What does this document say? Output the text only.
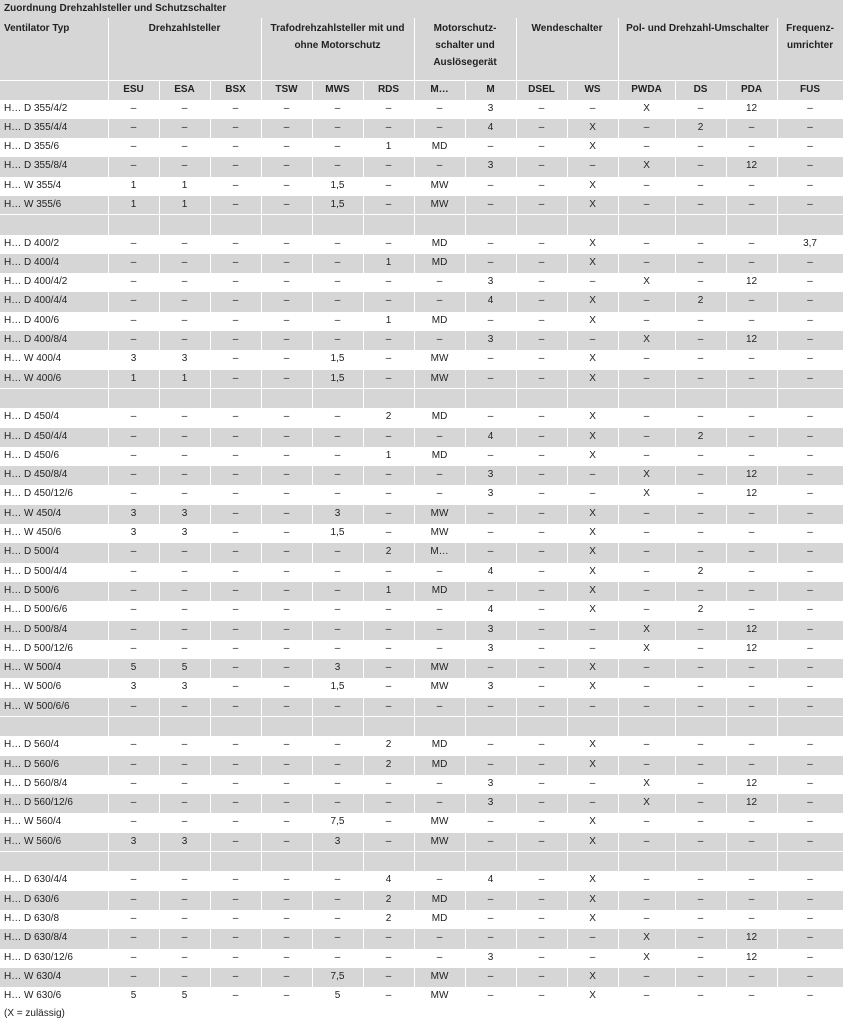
Zuordnung Drehzahlsteller und Schutzschalter
Ventilator Typ	Drehzahlsteller			Trafodrehzahlsteller mit und ohne Motorschutz			Motorschutz-schalter und Auslösegerät		Wendeschalter		Pol- und Drehzahl-Umschalter			Frequenz-umrichter
	ESU	ESA	BSX	TSW	MWS	RDS	M…	M	DSEL	WS	PWDA	DS	PDA	FUS
H… D 355/4/2	–	–	–	–	–	–	–	3	–	–	X	–	12	–
H… D 355/4/4	–	–	–	–	–	–	–	4	–	X	–	2	–	–
H… D 355/6	–	–	–	–	–	1	MD	–	–	X	–	–	–	–
H… D 355/8/4	–	–	–	–	–	–	–	3	–	–	X	–	12	–
H… W 355/4	1	1	–	–	1,5	–	MW	–	–	X	–	–	–	–
H… W 355/6	1	1	–	–	1,5	–	MW	–	–	X	–	–	–	–

H… D 400/2	–	–	–	–	–	–	MD	–	–	X	–	–	–	3,7
H… D 400/4	–	–	–	–	–	1	MD	–	–	X	–	–	–	–
H… D 400/4/2	–	–	–	–	–	–	–	3	–	–	X	–	12	–
H… D 400/4/4	–	–	–	–	–	–	–	4	–	X	–	2	–	–
H… D 400/6	–	–	–	–	–	1	MD	–	–	X	–	–	–	–
H… D 400/8/4	–	–	–	–	–	–	–	3	–	–	X	–	12	–
H… W 400/4	3	3	–	–	1,5	–	MW	–	–	X	–	–	–	–
H… W 400/6	1	1	–	–	1,5	–	MW	–	–	X	–	–	–	–

H… D 450/4	–	–	–	–	–	2	MD	–	–	X	–	–	–	–
H… D 450/4/4	–	–	–	–	–	–	–	4	–	X	–	2	–	–
H… D 450/6	–	–	–	–	–	1	MD	–	–	X	–	–	–	–
H… D 450/8/4	–	–	–	–	–	–	–	3	–	–	X	–	12	–
H… D 450/12/6	–	–	–	–	–	–	–	3	–	–	X	–	12	–
H… W 450/4	3	3	–	–	3	–	MW	–	–	X	–	–	–	–
H… W 450/6	3	3	–	–	1,5	–	MW	–	–	X	–	–	–	–
H… D 500/4	–	–	–	–	–	2	M…	–	–	X	–	–	–	–
H… D 500/4/4	–	–	–	–	–	–	–	4	–	X	–	2	–	–
H… D 500/6	–	–	–	–	–	1	MD	–	–	X	–	–	–	–
H… D 500/6/6	–	–	–	–	–	–	–	4	–	X	–	2	–	–
H… D 500/8/4	–	–	–	–	–	–	–	3	–	–	X	–	12	–
H… D 500/12/6	–	–	–	–	–	–	–	3	–	–	X	–	12	–
H… W 500/4	5	5	–	–	3	–	MW	–	–	X	–	–	–	–
H… W 500/6	3	3	–	–	1,5	–	MW	3	–	X	–	–	–	–
H… W 500/6/6	–	–	–	–	–	–	–	–	–	–	–	–	–	–

H… D 560/4	–	–	–	–	–	2	MD	–	–	X	–	–	–	–
H… D 560/6	–	–	–	–	–	2	MD	–	–	X	–	–	–	–
H… D 560/8/4	–	–	–	–	–	–	–	3	–	–	X	–	12	–
H… D 560/12/6	–	–	–	–	–	–	–	3	–	–	X	–	12	–
H… W 560/4	–	–	–	–	7,5	–	MW	–	–	X	–	–	–	–
H… W 560/6	3	3	–	–	3	–	MW	–	–	X	–	–	–	–

H… D 630/4/4	–	–	–	–	–	4	–	4	–	X	–	–	–	–
H… D 630/6	–	–	–	–	–	2	MD	–	–	X	–	–	–	–
H… D 630/8	–	–	–	–	–	2	MD	–	–	X	–	–	–	–
H… D 630/8/4	–	–	–	–	–	–	–	–	–	–	X	–	12	–
H… D 630/12/6	–	–	–	–	–	–	–	3	–	–	X	–	12	–
H… W 630/4	–	–	–	–	7,5	–	MW	–	–	X	–	–	–	–
H… W 630/6	5	5	–	–	5	–	MW	–	–	X	–	–	–	–
(X = zulässig)
